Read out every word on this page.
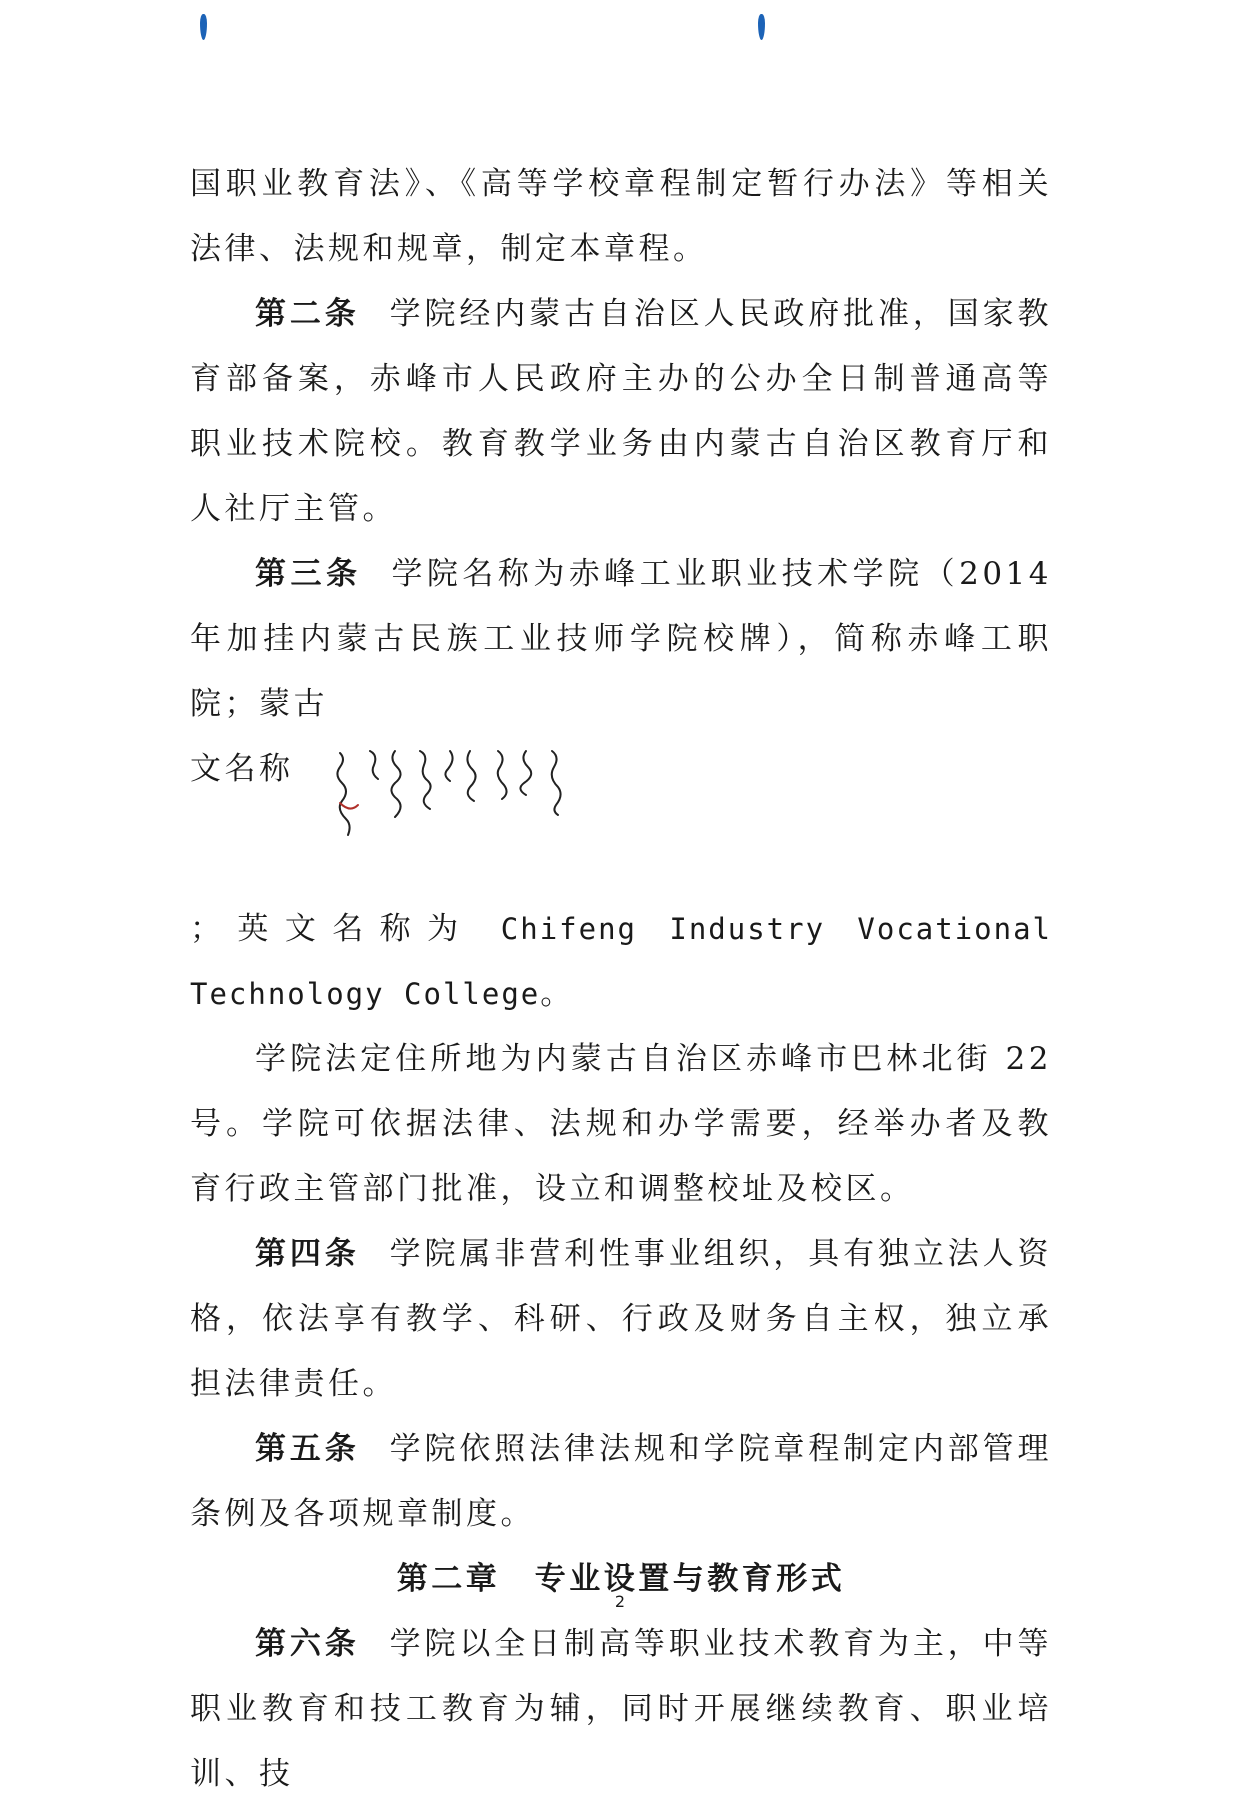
国职业教育法》、《高等学校章程制定暂行办法》等相关法律、法规和规章，制定本章程。

第二条 学院经内蒙古自治区人民政府批准，国家教育部备案，赤峰市人民政府主办的公办全日制普通高等职业技术院校。教育教学业务由内蒙古自治区教育厅和人社厅主管。

第三条 学院名称为赤峰工业职业技术学院（2014 年加挂内蒙古民族工业技师学院校牌），简称赤峰工职院；蒙古

文名称

；英文名称为 Chifeng Industry Vocational Technology College。

学院法定住所地为内蒙古自治区赤峰市巴林北街 22 号。学院可依据法律、法规和办学需要，经举办者及教育行政主管部门批准，设立和调整校址及校区。

第四条 学院属非营利性事业组织，具有独立法人资格，依法享有教学、科研、行政及财务自主权，独立承担法律责任。

第五条 学院依照法律法规和学院章程制定内部管理条例及各项规章制度。

第二章　专业设置与教育形式

第六条 学院以全日制高等职业技术教育为主，中等职业教育和技工教育为辅，同时开展继续教育、职业培训、技

2
